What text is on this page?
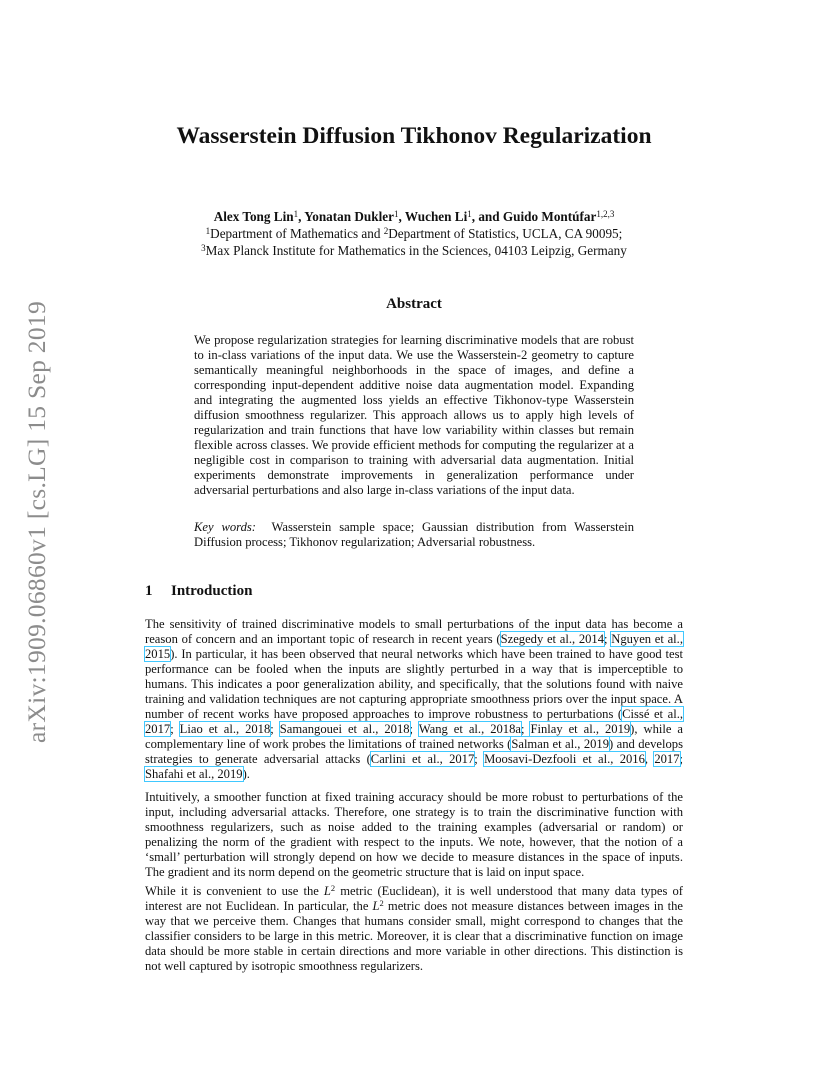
arXiv:1909.06860v1 [cs.LG] 15 Sep 2019
Wasserstein Diffusion Tikhonov Regularization
Alex Tong Lin$^1$, Yonatan Dukler$^1$, Wuchen Li$^1$, and Guido Montúfar$^{1,2,3}$
$^1$Department of Mathematics and $^2$Department of Statistics, UCLA, CA 90095;
$^3$Max Planck Institute for Mathematics in the Sciences, 04103 Leipzig, Germany
Abstract

We propose regularization strategies for learning discriminative models that are robust to in-class variations of the input data. We use the Wasserstein-2 geometry to capture semantically meaningful neighborhoods in the space of images, and define a corresponding input-dependent additive noise data augmentation model. Expanding and integrating the augmented loss yields an effective Tikhonov-type Wasserstein diffusion smoothness regularizer. This approach allows us to apply high levels of regularization and train functions that have low variability within classes but remain flexible across classes. We provide efficient methods for computing the regularizer at a negligible cost in comparison to training with adversarial data augmentation. Initial experiments demonstrate improvements in generalization performance under adversarial perturbations and also large in-class variations of the input data.

Key words: Wasserstein sample space; Gaussian distribution from Wasserstein Diffusion process; Tikhonov regularization; Adversarial robustness.

1 Introduction

The sensitivity of trained discriminative models to small perturbations of the input data has become a reason of concern and an important topic of research in recent years (Szegedy et al., 2014; Nguyen et al., 2015). In particular, it has been observed that neural networks which have been trained to have good test performance can be fooled when the inputs are slightly perturbed in a way that is imperceptible to humans. This indicates a poor generalization ability, and specifically, that the solutions found with naive training and validation techniques are not capturing appropriate smoothness priors over the input space. A number of recent works have proposed approaches to improve robustness to perturbations (Cissé et al., 2017; Liao et al., 2018; Samangouei et al., 2018; Wang et al., 2018a; Finlay et al., 2019), while a complementary line of work probes the limitations of trained networks (Salman et al., 2019) and develops strategies to generate adversarial attacks (Carlini et al., 2017; Moosavi-Dezfooli et al., 2016, 2017; Shafahi et al., 2019).

Intuitively, a smoother function at fixed training accuracy should be more robust to perturbations of the input, including adversarial attacks. Therefore, one strategy is to train the discriminative function with smoothness regularizers, such as noise added to the training examples (adversarial or random) or penalizing the norm of the gradient with respect to the inputs. We note, however, that the notion of a ‘small’ perturbation will strongly depend on how we decide to measure distances in the space of inputs. The gradient and its norm depend on the geometric structure that is laid on input space.

While it is convenient to use the $L^2$ metric (Euclidean), it is well understood that many data types of interest are not Euclidean. In particular, the $L^2$ metric does not measure distances between images in the way that we perceive them. Changes that humans consider small, might correspond to changes that the classifier considers to be large in this metric. Moreover, it is clear that a discriminative function on image data should be more stable in certain directions and more variable in other directions. This distinction is not well captured by isotropic smoothness regularizers.
